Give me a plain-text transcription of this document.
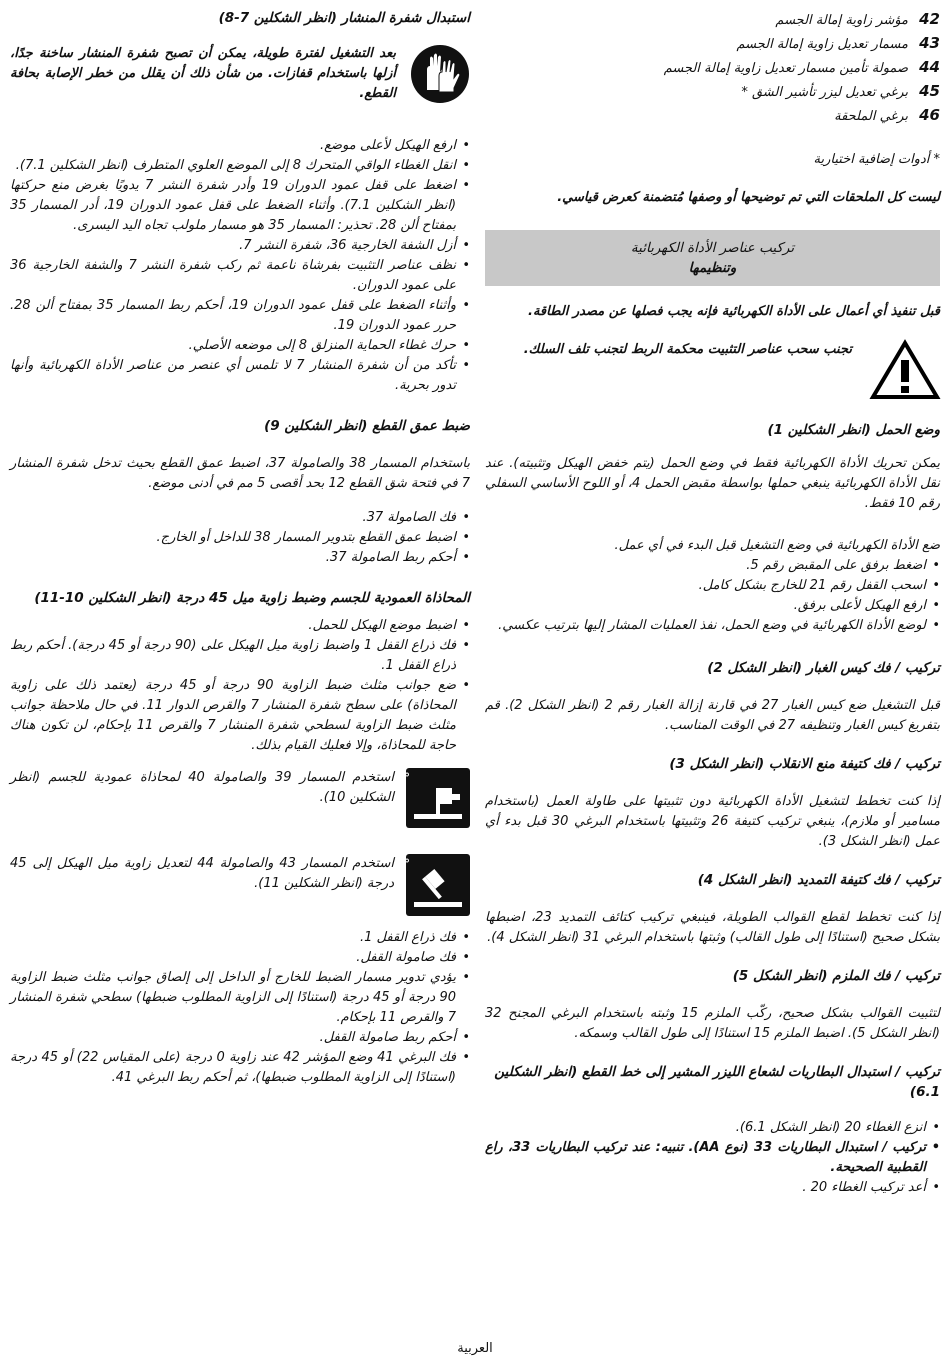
42
مؤشر زاوية إمالة الجسم
43
مسمار تعديل زاوية إمالة الجسم
44
صمولة تأمين مسمار تعديل زاوية إمالة الجسم
45
برغي تعديل ليزر تأشير الشق *
46
برغي الملحقة

* أدوات إضافية اختيارية

ليست كل الملحقات التي تم توضيحها أو وصفها مُتضمنة كعرض قياسي.

تركيب عناصر الأداة الكهربائية
وتنظيمها

قبل تنفيذ أي أعمال على الأداة الكهربائية فإنه يجب فصلها عن مصدر الطاقة.

تجنب سحب عناصر التثبيت محكمة الربط لتجنب تلف السلك.

وضع الحمل (انظر الشكلين 1)

يمكن تحريك الأداة الكهربائية فقط في وضع الحمل (يتم خفض الهيكل وتثبيته). عند نقل الأداة الكهربائية ينبغي حملها بواسطة مقبض الحمل 4، أو اللوح الأساسي السفلي رقم 10 فقط.

ضع الأداة الكهربائية في وضع التشغيل قبل البدء في أي عمل.

• اضغط برفق على المقبض رقم 5.
• اسحب القفل رقم 21 للخارج بشكل كامل.
• ارفع الهيكل لأعلى برفق.
• لوضع الأداة الكهربائية في وضع الحمل، نفذ العمليات المشار إليها بترتيب عكسي.

تركيب / فك كيس الغبار (انظر الشكل 2)

قبل التشغيل ضع كيس الغبار 27 في قارنة إزالة الغبار رقم 2 (انظر الشكل 2). قم بتفريغ كيس الغبار وتنظيفه 27 في الوقت المناسب.

تركيب / فك كتيفة منع الانقلاب (انظر الشكل 3)

إذا كنت تخطط لتشغيل الأداة الكهربائية دون تثبيتها على طاولة العمل (باستخدام مسامير أو ملازم)، ينبغي تركيب كتيفة 26 وتثبيتها باستخدام البرغي 30 قبل بدء أي عمل (انظر الشكل 3).

تركيب / فك كتيفة التمديد (انظر الشكل 4)

إذا كنت تخطط لقطع القوالب الطويلة، فينبغي تركيب كتائف التمديد 23، اضبطها بشكل صحيح (استنادًا إلى طول القالب) وثبتها باستخدام البرغي 31 (انظر الشكل 4).

تركيب / فك الملزم (انظر الشكل 5)

لتثبيت القوالب بشكل صحيح، ركّب الملزم 15 وثبته باستخدام البرغي المجنح 32 (انظر الشكل 5). اضبط الملزم 15 استنادًا إلى طول القالب وسمكه.

تركيب / استبدال البطاريات لشعاع الليزر المشير إلى خط القطع (انظر الشكلين 6.1)

• انزع الغطاء 20 (انظر الشكل 6.1).
• تركيب / استبدال البطاريات 33 (نوع AA). تنبيه: عند تركيب البطاريات 33، راع القطبية الصحيحة.
• أعد تركيب الغطاء 20 .

استبدال شفرة المنشار (انظر الشكلين 7-8)

بعد التشغيل لفترة طويلة، يمكن أن تصبح شفرة المنشار ساخنة جدًا، أزلها باستخدام قفازات. من شأن ذلك أن يقلل من خطر الإصابة بحافة القطع.
• ارفع الهيكل لأعلى موضع.
• انقل الغطاء الواقي المتحرك 8 إلى الموضع العلوي المتطرف (انظر الشكلين 7.1).
• اضغط على قفل عمود الدوران 19 وأدر شفرة النشر 7 يدويًا بغرض منع حركتها (انظر الشكلين 7.1). وأثناء الضغط على قفل عمود الدوران 19، أدر المسمار 35 بمفتاح ألن 28. تحذير: المسمار 35 هو مسمار ملولب تجاه اليد اليسرى.
• أزل الشفة الخارجية 36، شفرة النشر 7.
• نظف عناصر التثبيت بفرشاة ناعمة ثم ركب شفرة النشر 7 والشفة الخارجية 36 على عمود الدوران.
• وأثناء الضغط على قفل عمود الدوران 19، أحكم ربط المسمار 35 بمفتاح ألن 28. حرر عمود الدوران 19.
• حرك غطاء الحماية المنزلق 8 إلى موضعه الأصلي.
• تأكد من أن شفرة المنشار 7 لا تلمس أي عنصر من عناصر الأداة الكهربائية وأنها تدور بحرية.

ضبط عمق القطع (انظر الشكلين 9)

باستخدام المسمار 38 والصامولة 37، اضبط عمق القطع بحيث تدخل شفرة المنشار 7 في فتحة شق القطع 12 بحد أقصى 5 مم في أدنى موضع.

• فك الصامولة 37.
• اضبط عمق القطع بتدوير المسمار 38 للداخل أو الخارج.
• أحكم ربط الصامولة 37.

المحاذاة العمودية للجسم وضبط زاوية ميل 45 درجة (انظر الشكلين 10-11)

• اضبط موضع الهيكل للحمل.
• فك ذراع القفل 1 واضبط زاوية ميل الهيكل على (90 درجة أو 45 درجة). أحكم ربط ذراع القفل 1.
• ضع جوانب مثلث ضبط الزاوية 90 درجة أو 45 درجة (يعتمد ذلك على زاوية المحاذاة) على سطح شفرة المنشار 7 والقرص الدوار 11. في حال ملاحظة جوانب مثلث ضبط الزاوية لسطحي شفرة المنشار 7 والقرص 11 بإحكام، لن تكون هناك حاجة للمحاذاة، وإلا فعليك القيام بذلك.
90°
استخدم المسمار 39 والصامولة 40 لمحاذاة عمودية للجسم (انظر الشكلين 10).
45°
استخدم المسمار 43 والصامولة 44 لتعديل زاوية ميل الهيكل إلى 45 درجة (انظر الشكلين 11).
• فك ذراع القفل 1.
• فك صامولة القفل.
• يؤدي تدوير مسمار الضبط للخارج أو الداخل إلى إلصاق جوانب مثلث ضبط الزاوية 90 درجة أو 45 درجة (استنادًا إلى الزاوية المطلوب ضبطها) سطحي شفرة المنشار 7 والقرص 11 بإحكام.
• أحكم ربط صامولة القفل.
• فك البرغي 41 وضع المؤشر 42 عند زاوية 0 درجة (على المقياس 22) أو 45 درجة (استنادًا إلى الزاوية المطلوب ضبطها)، ثم أحكم ربط البرغي 41.
العربية
